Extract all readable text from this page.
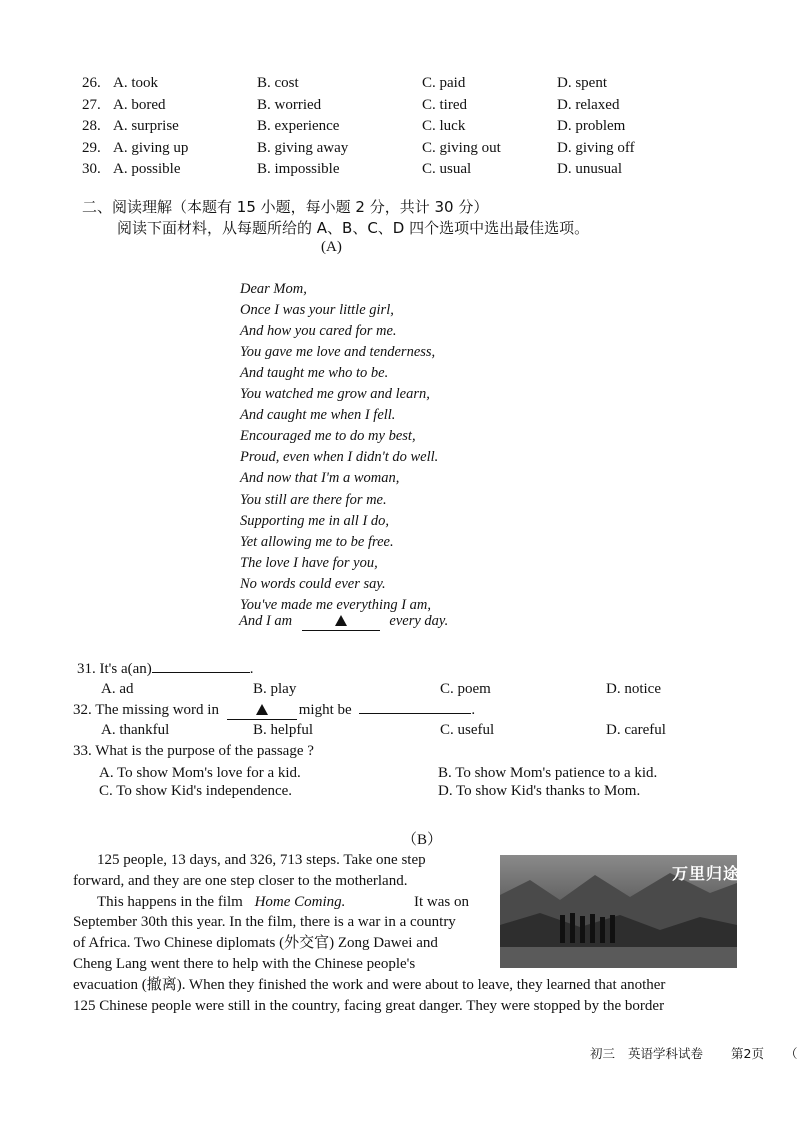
26. A. took	B. cost	C. paid	D. spent
27. A. bored	B. worried	C. tired	D. relaxed
28. A. surprise	B. experience	C. luck	D. problem
29. A. giving up	B. giving away	C. giving out	D. giving off
30. A. possible	B. impossible	C. usual	D. unusual
二、阅读理解（本题有 15 小题，每小题 2 分，共计 30 分）
阅读下面材料，从每题所给的 A、B、C、D 四个选项中选出最佳选项。
(A)
Dear Mom,
Once I was your little girl,
And how you cared for me.
You gave me love and tenderness,
And taught me who to be.
You watched me grow and learn,
And caught me when I fell.
Encouraged me to do my best,
Proud, even when I didn't do well.
And now that I'm a woman,
You still are there for me.
Supporting me in all I do,
Yet allowing me to be free.
The love I have for you,
No words could ever say.
You've made me everything I am,
And I am	every day.
31. It's a(an)	.
A. ad	B. play	C. poem	D. notice
32. The missing word in	might be	.
A. thankful	B. helpful	C. useful	D. careful
33. What is the purpose of the passage ?
A. To show Mom's love for a kid.	B. To show Mom's patience to a kid.
C. To show Kid's independence.	D. To show Kid's thanks to Mom.
（B）
125 people, 13 days, and 326, 713 steps. Take one step
forward, and they are one step closer to the motherland.
This happens in the film Home Coming.	It was on
September 30th this year. In the film, there is a war in a country
of Africa. Two Chinese diplomats (外交官) Zong Dawei and
Cheng Lang went there to help with the Chinese people's
evacuation (撤离). When they finished the work and were about to leave, they learned that another
125 Chinese people were still in the country, facing great danger. They were stopped by the border
万里归途
初三 英语学科试卷 第2页 （
